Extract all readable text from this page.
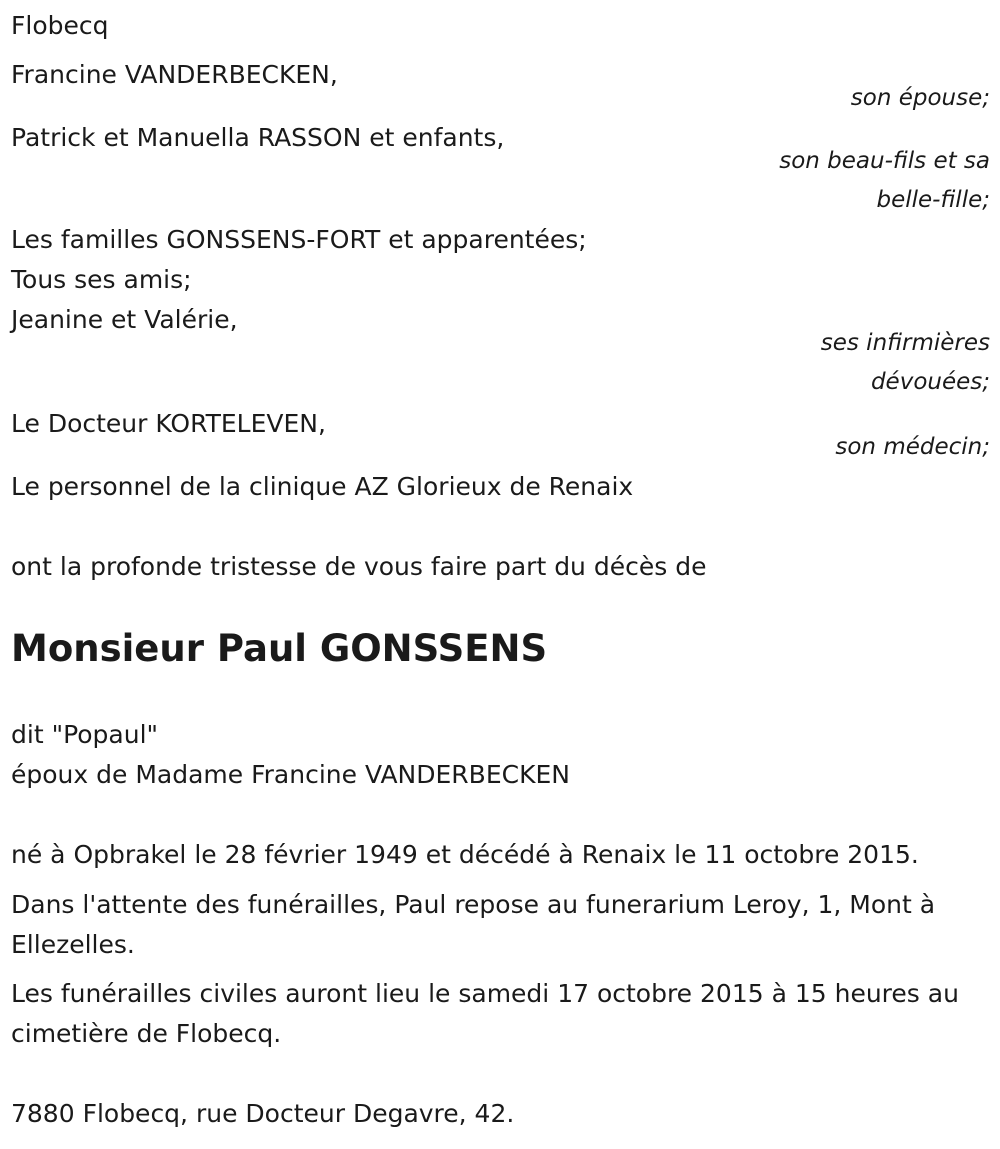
Flobecq

Francine VANDERBECKEN,

son épouse;

Patrick et Manuella RASSON et enfants,

son beau-fils et sa belle-fille;

Les familles GONSSENS-FORT et apparentées;

Tous ses amis;

Jeanine et Valérie,

ses infirmières dévouées;

Le Docteur KORTELEVEN,

son médecin;

Le personnel de la clinique AZ Glorieux de Renaix

ont la profonde tristesse de vous faire part du décès de

Monsieur Paul GONSSENS

dit "Popaul"

époux de Madame Francine VANDERBECKEN

né à Opbrakel le 28 février 1949 et décédé à Renaix le 11 octobre 2015.

Dans l'attente des funérailles, Paul repose au funerarium Leroy, 1, Mont à Ellezelles.

Les funérailles civiles auront lieu le samedi 17 octobre 2015 à 15 heures au cimetière de Flobecq.

7880 Flobecq, rue Docteur Degavre, 42.
